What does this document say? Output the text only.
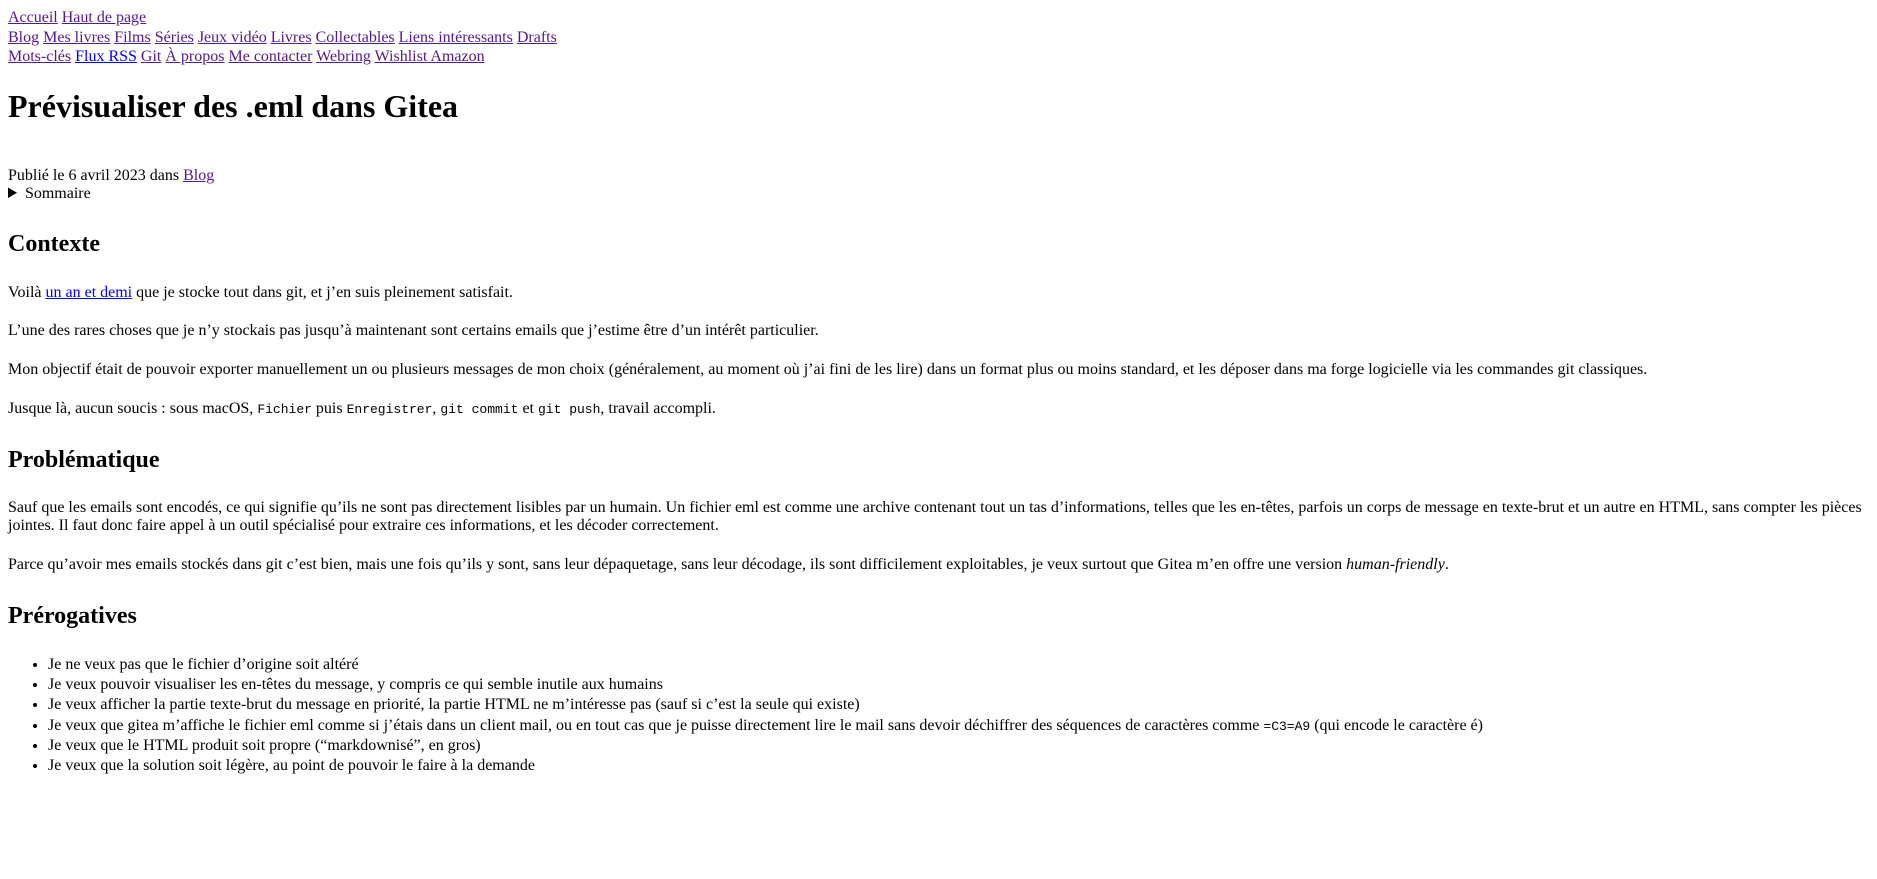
Accueil Haut de page
Blog Mes livres Films Séries Jeux vidéo Livres Collectables Liens intéressants Drafts
Mots-clés Flux RSS Git À propos Me contacter Webring Wishlist Amazon
Prévisualiser des .eml dans Gitea

Publié le 6 avril 2023 dans Blog

Sommaire
Contexte

Voilà un an et demi que je stocke tout dans git, et j’en suis pleinement satisfait.

L’une des rares choses que je n’y stockais pas jusqu’à maintenant sont certains emails que j’estime être d’un intérêt particulier.

Mon objectif était de pouvoir exporter manuellement un ou plusieurs messages de mon choix (généralement, au moment où j’ai fini de les lire) dans un format plus ou moins standard, et les déposer dans ma forge logicielle via les commandes git classiques.

Jusque là, aucun soucis : sous macOS, Fichier puis Enregistrer, git commit et git push, travail accompli.

Problématique

Sauf que les emails sont encodés, ce qui signifie qu’ils ne sont pas directement lisibles par un humain. Un fichier eml est comme une archive contenant tout un tas d’informations, telles que les en-têtes, parfois un corps de message en texte-brut et un autre en HTML, sans compter les pièces jointes. Il faut donc faire appel à un outil spécialisé pour extraire ces informations, et les décoder correctement.

Parce qu’avoir mes emails stockés dans git c’est bien, mais une fois qu’ils y sont, sans leur dépaquetage, sans leur décodage, ils sont difficilement exploitables, je veux surtout que Gitea m’en offre une version human-friendly.

Prérogatives
• Je ne veux pas que le fichier d’origine soit altéré
• Je veux pouvoir visualiser les en-têtes du message, y compris ce qui semble inutile aux humains
• Je veux afficher la partie texte-brut du message en priorité, la partie HTML ne m’intéresse pas (sauf si c’est la seule qui existe)
• Je veux que gitea m’affiche le fichier eml comme si j’étais dans un client mail, ou en tout cas que je puisse directement lire le mail sans devoir déchiffrer des séquences de caractères comme =C3=A9 (qui encode le caractère é)
• Je veux que le HTML produit soit propre (“markdownisé”, en gros)
• Je veux que la solution soit légère, au point de pouvoir le faire à la demande
